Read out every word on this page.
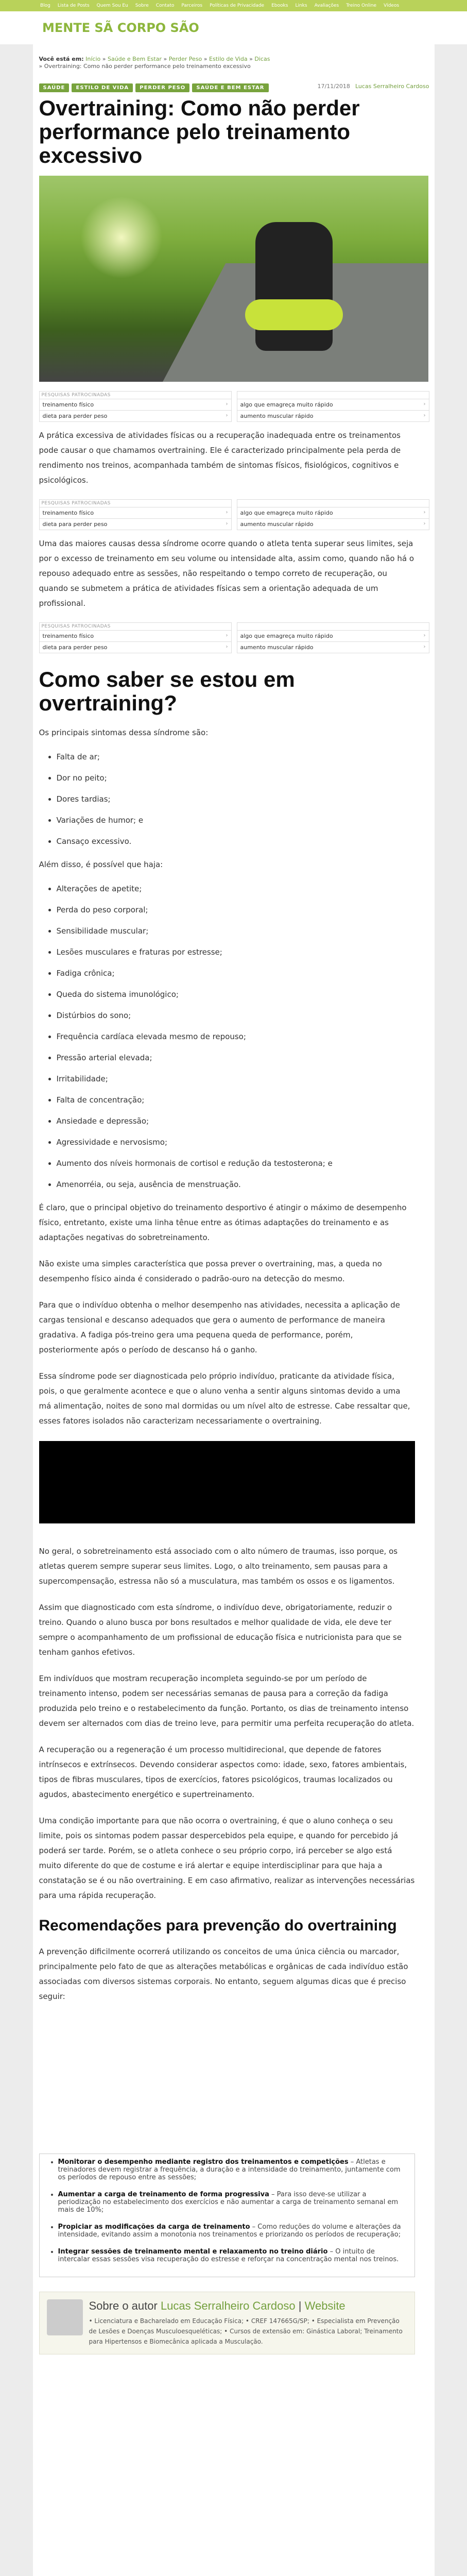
Blog Lista de Posts Quem Sou Eu Sobre Contato Parceiros Políticas de Privacidade Ebooks Links Avaliações Treino Online Vídeos
MENTE SÃ CORPO SÃO
Você está em: Início » Saúde e Bem Estar » Perder Peso » Estilo de Vida » Dicas » Overtraining: Como não perder performance pelo treinamento excessivo
SAÚDE ESTILO DE VIDA PERDER PESO SAÚDE E BEM ESTAR	17/11/2018 Lucas Serralheiro Cardoso
Overtraining: Como não perder performance pelo treinamento excessivo
PESQUISAS PATROCINADAS
treinamento físico	›
dieta para perder peso	›

algo que emagreça muito rápido	›
aumento muscular rápido	›

A prática excessiva de atividades físicas ou a recuperação inadequada entre os treinamentos pode causar o que chamamos overtraining. Ele é caracterizado principalmente pela perda de rendimento nos treinos, acompanhada também de sintomas físicos, fisiológicos, cognitivos e psicológicos.

PESQUISAS PATROCINADAS
treinamento físico	›
dieta para perder peso	›

algo que emagreça muito rápido	›
aumento muscular rápido	›

Uma das maiores causas dessa síndrome ocorre quando o atleta tenta superar seus limites, seja por o excesso de treinamento em seu volume ou intensidade alta, assim como, quando não há o repouso adequado entre as sessões, não respeitando o tempo correto de recuperação, ou quando se submetem a prática de atividades físicas sem a orientação adequada de um profissional.

PESQUISAS PATROCINADAS
treinamento físico	›
dieta para perder peso	›

algo que emagreça muito rápido	›
aumento muscular rápido	›
Como saber se estou em overtraining?

Os principais sintomas dessa síndrome são:

• Falta de ar;
• Dor no peito;
• Dores tardias;
• Variações de humor; e
• Cansaço excessivo.

Além disso, é possível que haja:

• Alterações de apetite;
• Perda do peso corporal;
• Sensibilidade muscular;
• Lesões musculares e fraturas por estresse;
• Fadiga crônica;
• Queda do sistema imunológico;
• Distúrbios do sono;
• Frequência cardíaca elevada mesmo de repouso;
• Pressão arterial elevada;
• Irritabilidade;
• Falta de concentração;
• Ansiedade e depressão;
• Agressividade e nervosismo;
• Aumento dos níveis hormonais de cortisol e redução da testosterona; e
• Amenorréia, ou seja, ausência de menstruação.

É claro, que o principal objetivo do treinamento desportivo é atingir o máximo de desempenho físico, entretanto, existe uma linha tênue entre as ótimas adaptações do treinamento e as adaptações negativas do sobretreinamento.

Não existe uma simples característica que possa prever o overtraining, mas, a queda no desempenho físico ainda é considerado o padrão-ouro na detecção do mesmo.

Para que o indivíduo obtenha o melhor desempenho nas atividades, necessita a aplicação de cargas tensional e descanso adequados que gera o aumento de performance de maneira gradativa. A fadiga pós-treino gera uma pequena queda de performance, porém, posteriormente após o período de descanso há o ganho.

Essa síndrome pode ser diagnosticada pelo próprio indivíduo, praticante da atividade física, pois, o que geralmente acontece e que o aluno venha a sentir alguns sintomas devido a uma má alimentação, noites de sono mal dormidas ou um nível alto de estresse. Cabe ressaltar que, esses fatores isolados não caracterizam necessariamente o overtraining.

No geral, o sobretreinamento está associado com o alto número de traumas, isso porque, os atletas querem sempre superar seus limites. Logo, o alto treinamento, sem pausas para a supercompensação, estressa não só a musculatura, mas também os ossos e os ligamentos.

Assim que diagnosticado com esta síndrome, o indivíduo deve, obrigatoriamente, reduzir o treino. Quando o aluno busca por bons resultados e melhor qualidade de vida, ele deve ter sempre o acompanhamento de um profissional de educação física e nutricionista para que se tenham ganhos efetivos.

Em indivíduos que mostram recuperação incompleta seguindo-se por um período de treinamento intenso, podem ser necessárias semanas de pausa para a correção da fadiga produzida pelo treino e o restabelecimento da função. Portanto, os dias de treinamento intenso devem ser alternados com dias de treino leve, para permitir uma perfeita recuperação do atleta.

A recuperação ou a regeneração é um processo multidirecional, que depende de fatores intrínsecos e extrínsecos. Devendo considerar aspectos como: idade, sexo, fatores ambientais, tipos de fibras musculares, tipos de exercícios, fatores psicológicos, traumas localizados ou agudos, abastecimento energético e supertreinamento.

Uma condição importante para que não ocorra o overtraining, é que o aluno conheça o seu limite, pois os sintomas podem passar despercebidos pela equipe, e quando for percebido já poderá ser tarde. Porém, se o atleta conhece o seu próprio corpo, irá perceber se algo está muito diferente do que de costume e irá alertar e equipe interdisciplinar para que haja a constatação se é ou não overtraining. E em caso afirmativo, realizar as intervenções necessárias para uma rápida recuperação.

Recomendações para prevenção do overtraining

A prevenção dificilmente ocorrerá utilizando os conceitos de uma única ciência ou marcador, principalmente pelo fato de que as alterações metabólicas e orgânicas de cada indivíduo estão associadas com diversos sistemas corporais. No entanto, seguem algumas dicas que é preciso seguir:

• Monitorar o desempenho mediante registro dos treinamentos e competições – Atletas e treinadores devem registrar a frequência, a duração e a intensidade do treinamento, juntamente com os períodos de repouso entre as sessões;
• Aumentar a carga de treinamento de forma progressiva – Para isso deve-se utilizar a periodização no estabelecimento dos exercícios e não aumentar a carga de treinamento semanal em mais de 10%;
• Propiciar as modificações da carga de treinamento – Como reduções do volume e alterações da intensidade, evitando assim a monotonia nos treinamentos e priorizando os períodos de recuperação;
• Integrar sessões de treinamento mental e relaxamento no treino diário – O intuito de intercalar essas sessões visa recuperação do estresse e reforçar na concentração mental nos treinos.
Sobre o autor Lucas Serralheiro Cardoso | Website
• Licenciatura e Bacharelado em Educação Física; • CREF 147665G/SP; • Especialista em Prevenção de Lesões e Doenças Musculoesqueléticas; • Cursos de extensão em: Ginástica Laboral; Treinamento para Hipertensos e Biomecânica aplicada a Musculação.
